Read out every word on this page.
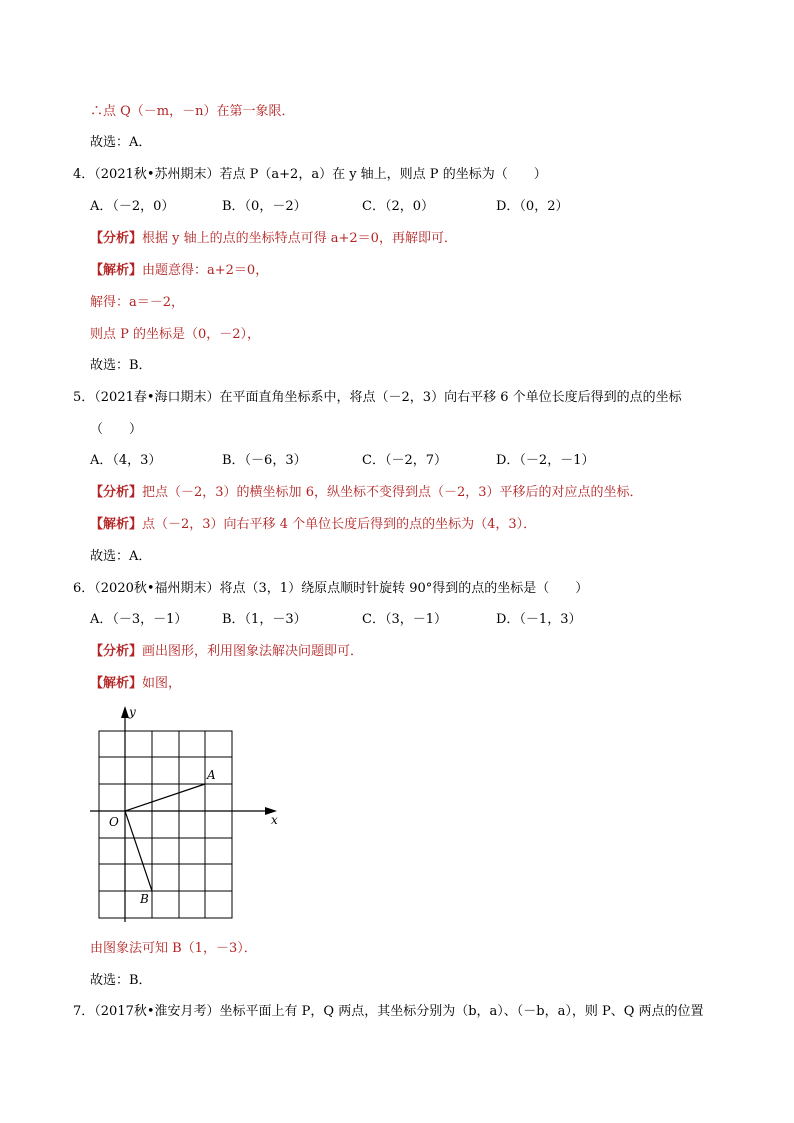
∴点 Q（－m，－n）在第一象限．
故选：A．
4．（2021秋•苏州期末）若点 P（a+2，a）在 y 轴上，则点 P 的坐标为（　　）
A．（－2，0）	B．（0，－2）	C．（2，0）	D．（0，2）
【分析】根据 y 轴上的点的坐标特点可得 a+2＝0，再解即可．
【解析】由题意得：a+2＝0，
解得：a＝－2，
则点 P 的坐标是（0，－2），
故选：B．
5．（2021春•海口期末）在平面直角坐标系中，将点（－2，3）向右平移 6 个单位长度后得到的点的坐标
（　　）
A．（4，3）	B．（－6，3）	C．（－2，7）	D．（－2，－1）
【分析】把点（－2，3）的横坐标加 6，纵坐标不变得到点（－2，3）平移后的对应点的坐标．
【解析】点（－2，3）向右平移 4 个单位长度后得到的点的坐标为（4，3）．
故选：A．
6．（2020秋•福州期末）将点（3，1）绕原点顺时针旋转 90°得到的点的坐标是（　　）
A．（－3，－1）	B．（1，－3）	C．（3，－1）	D．（－1，3）
【分析】画出图形，利用图象法解决问题即可．
【解析】如图，
y
x
O
A
B
由图象法可知 B（1，－3）．
故选：B．
7．（2017秋•淮安月考）坐标平面上有 P，Q 两点，其坐标分别为（b，a）、（－b，a），则 P、Q 两点的位置
